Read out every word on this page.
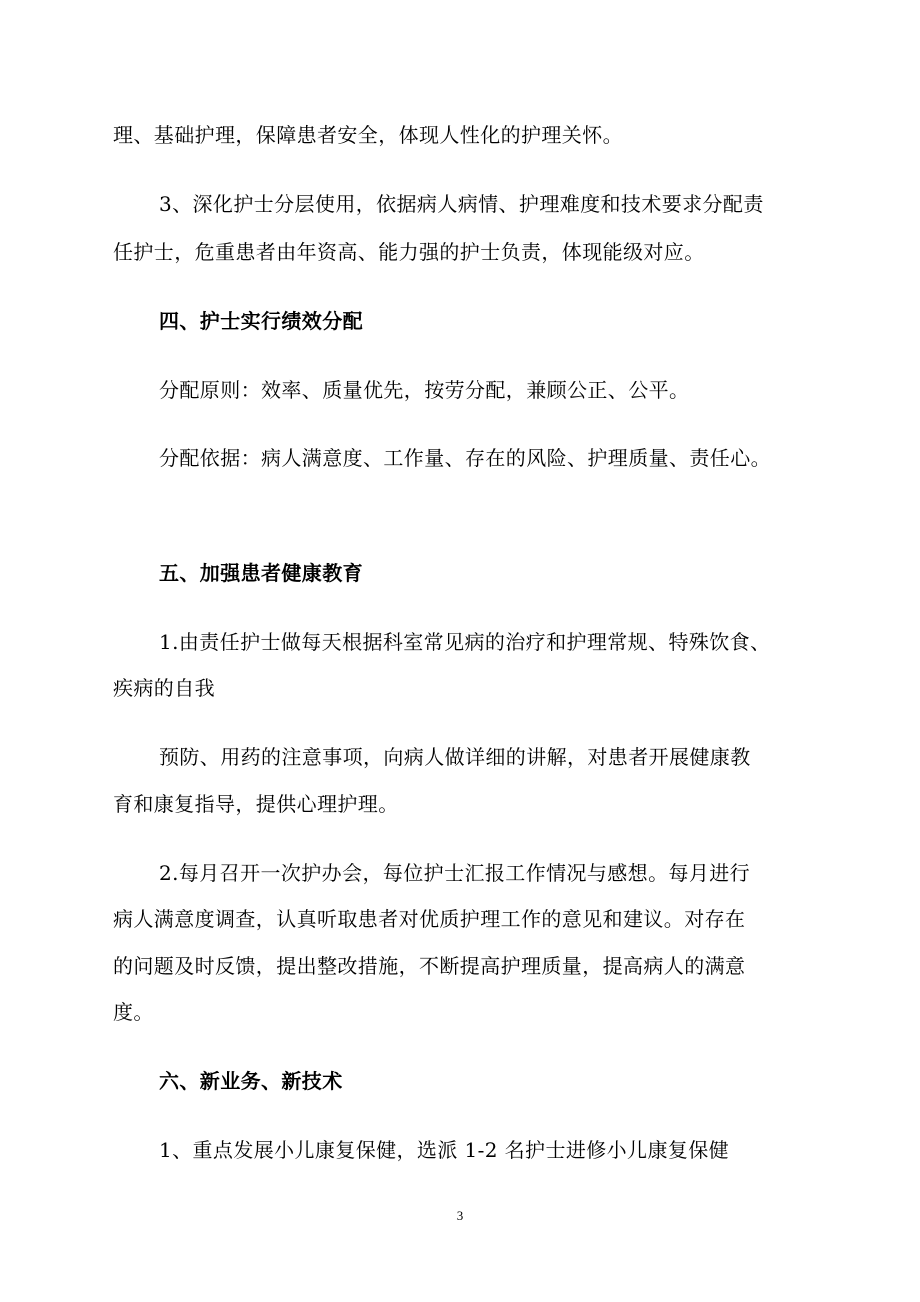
理、基础护理，保障患者安全，体现人性化的护理关怀。

3、深化护士分层使用，依据病人病情、护理难度和技术要求分配责

任护士，危重患者由年资高、能力强的护士负责，体现能级对应。

四、护士实行绩效分配

分配原则：效率、质量优先，按劳分配，兼顾公正、公平。

分配依据：病人满意度、工作量、存在的风险、护理质量、责任心。

五、加强患者健康教育

1.由责任护士做每天根据科室常见病的治疗和护理常规、特殊饮食、

疾病的自我

预防、用药的注意事项，向病人做详细的讲解，对患者开展健康教

育和康复指导，提供心理护理。

2.每月召开一次护办会，每位护士汇报工作情况与感想。每月进行

病人满意度调查，认真听取患者对优质护理工作的意见和建议。对存在

的问题及时反馈，提出整改措施，不断提高护理质量，提高病人的满意

度。

六、新业务、新技术

1、重点发展小儿康复保健，选派 1-2 名护士进修小儿康复保健

3
